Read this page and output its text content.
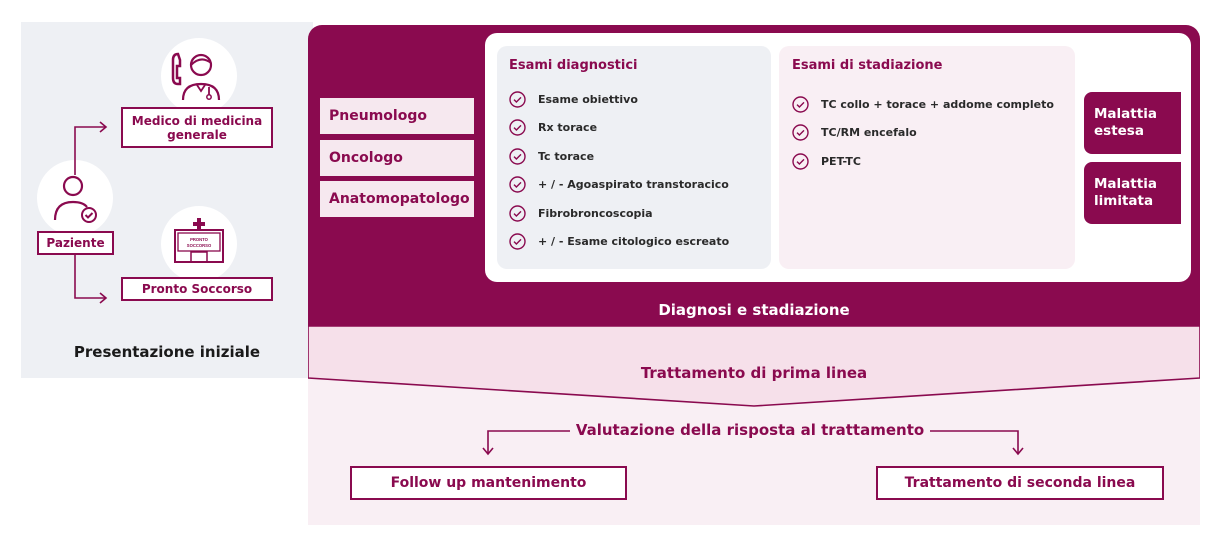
Medico di medicina generale
Paziente	PRONTO
SOCCORSO
Pronto Soccorso
Presentazione iniziale
Pneumologo
Oncologo
Anatomopatologo
Esami diagnostici
Esame obiettivo
Rx torace
Tc torace
+ / - Agoaspirato transtoracico
Fibrobroncoscopia
+ / - Esame citologico escreato
Esami di stadiazione
TC collo + torace + addome completo
TC/RM encefalo
PET-TC
Malattia estesa
Malattia limitata
Diagnosi e stadiazione
Trattamento di prima linea
Valutazione della risposta al trattamento
Follow up mantenimento	Trattamento di seconda linea
